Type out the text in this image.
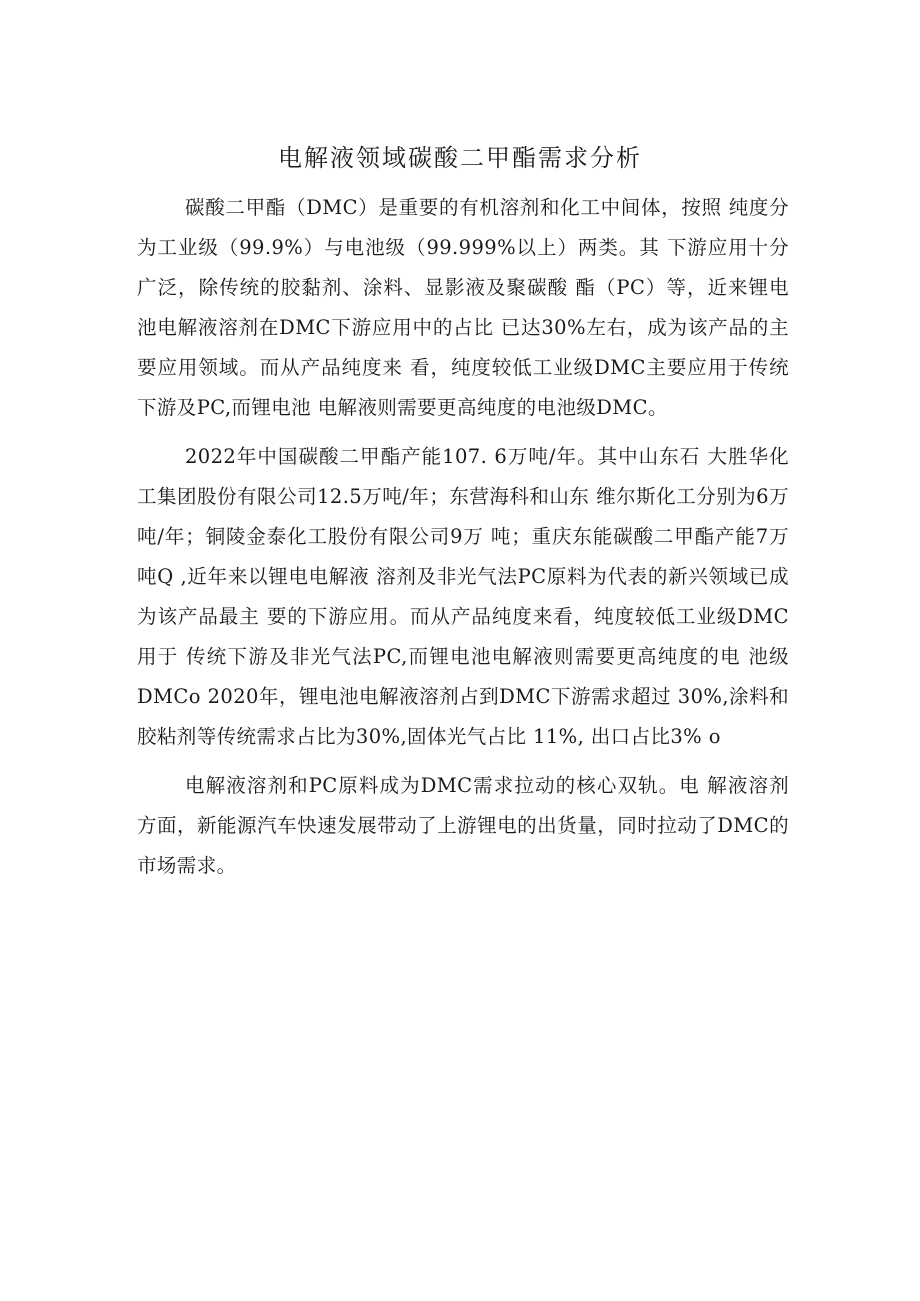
电解液领域碳酸二甲酯需求分析

碳酸二甲酯（DMC）是重要的有机溶剂和化工中间体，按照 纯度分为工业级（99.9%）与电池级（99.999%以上）两类。其 下游应用十分广泛，除传统的胶黏剂、涂料、显影液及聚碳酸 酯（PC）等，近来锂电池电解液溶剂在DMC下游应用中的占比 已达30%左右，成为该产品的主要应用领域。而从产品纯度来 看，纯度较低工业级DMC主要应用于传统下游及PC,而锂电池 电解液则需要更高纯度的电池级DMC。

2022年中国碳酸二甲酯产能107. 6万吨/年。其中山东石 大胜华化工集团股份有限公司12.5万吨/年；东营海科和山东 维尔斯化工分别为6万吨/年；铜陵金泰化工股份有限公司9万 吨；重庆东能碳酸二甲酯产能7万吨Q ,近年来以锂电电解液 溶剂及非光气法PC原料为代表的新兴领域已成为该产品最主 要的下游应用。而从产品纯度来看，纯度较低工业级DMC用于 传统下游及非光气法PC,而锂电池电解液则需要更高纯度的电 池级DMCo 2020年，锂电池电解液溶剂占到DMC下游需求超过 30%,涂料和胶粘剂等传统需求占比为30%,固体光气占比 11%, 出口占比3% o

电解液溶剂和PC原料成为DMC需求拉动的核心双轨。电 解液溶剂方面，新能源汽车快速发展带动了上游锂电的出货量，同时拉动了DMC的市场需求。
